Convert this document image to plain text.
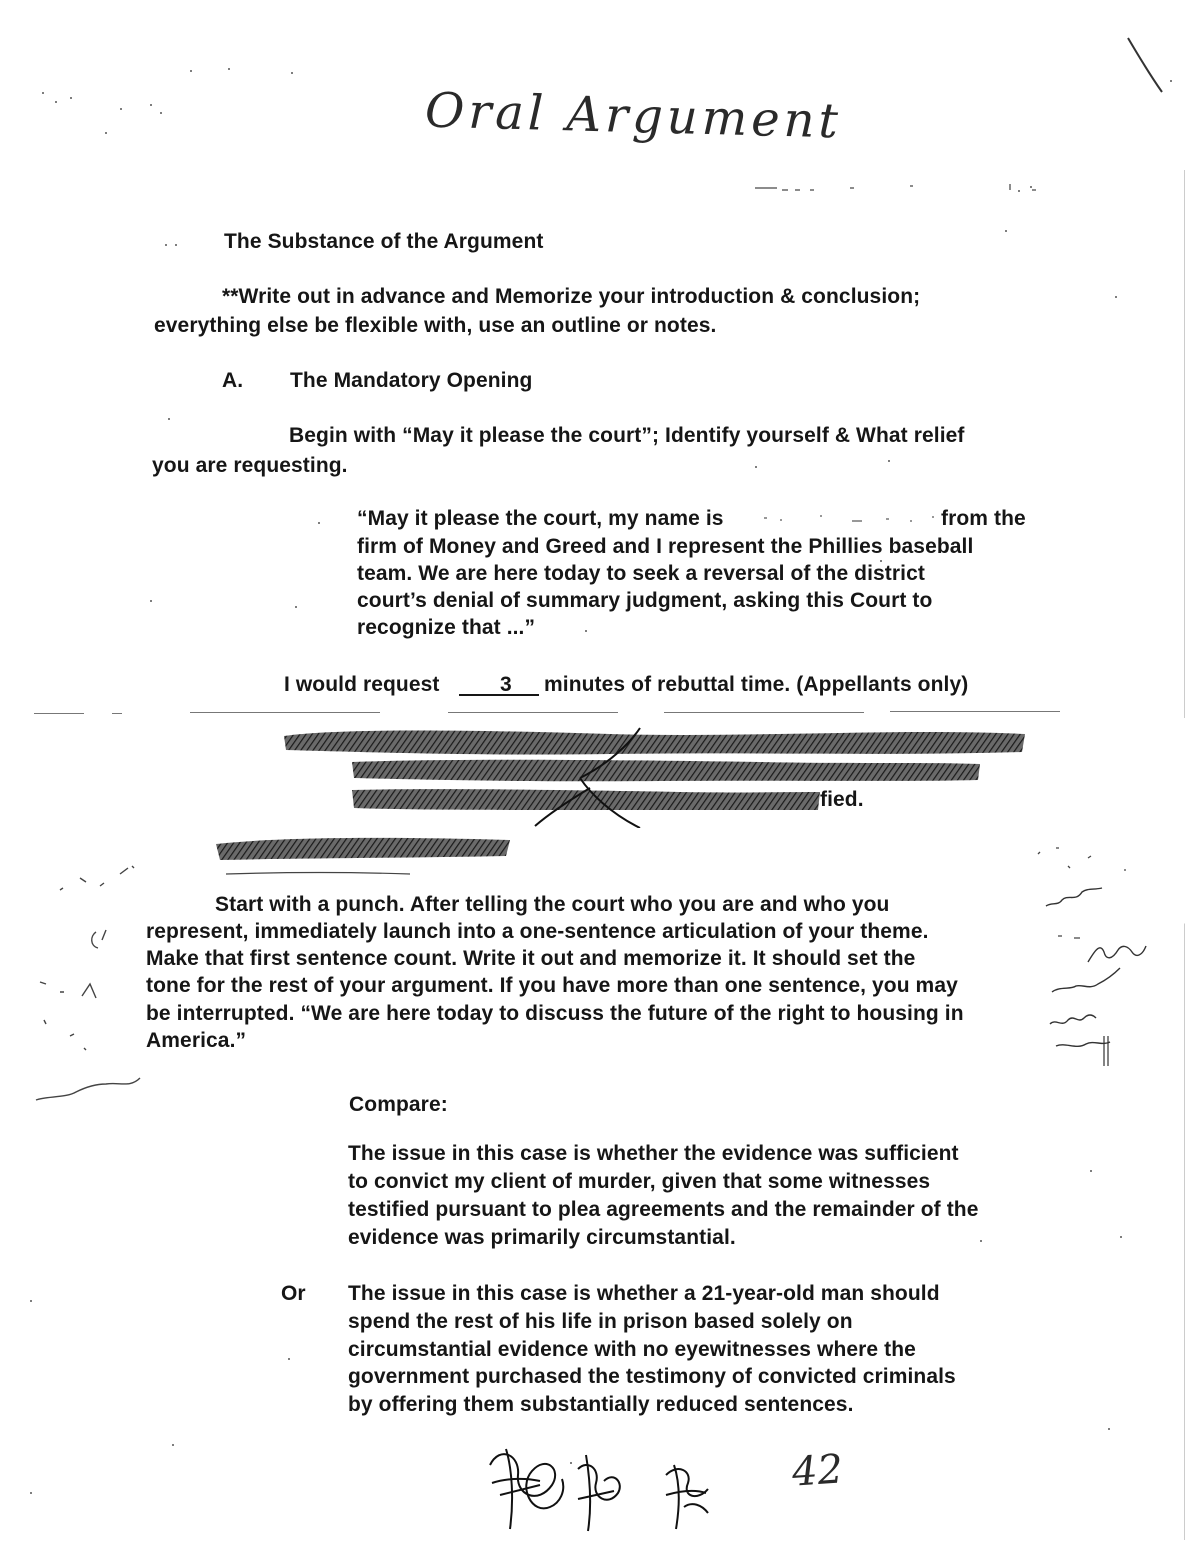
Oral Argument
The Substance of the Argument
**Write out in advance and Memorize your introduction & conclusion;
everything else be flexible with, use an outline or notes.
A. The Mandatory Opening
Begin with “May it please the court”; Identify yourself & What relief
you are requesting.
“May it please the court, my name is	from the
firm of Money and Greed and I represent the Phillies baseball
team. We are here today to seek a reversal of the district
court’s denial of summary judgment, asking this Court to
recognize that ...”
I would request	3 minutes of rebuttal time. (Appellants only)
fied.
Start with a punch. After telling the court who you are and who you
represent, immediately launch into a one-sentence articulation of your theme.
Make that first sentence count. Write it out and memorize it. It should set the
tone for the rest of your argument. If you have more than one sentence, you may
be interrupted. “We are here today to discuss the future of the right to housing in
America.”
Compare:
The issue in this case is whether the evidence was sufficient
to convict my client of murder, given that some witnesses
testified pursuant to plea agreements and the remainder of the
evidence was primarily circumstantial.
Or The issue in this case is whether a 21-year-old man should
spend the rest of his life in prison based solely on
circumstantial evidence with no eyewitnesses where the
government purchased the testimony of convicted criminals
by offering them substantially reduced sentences.
42
